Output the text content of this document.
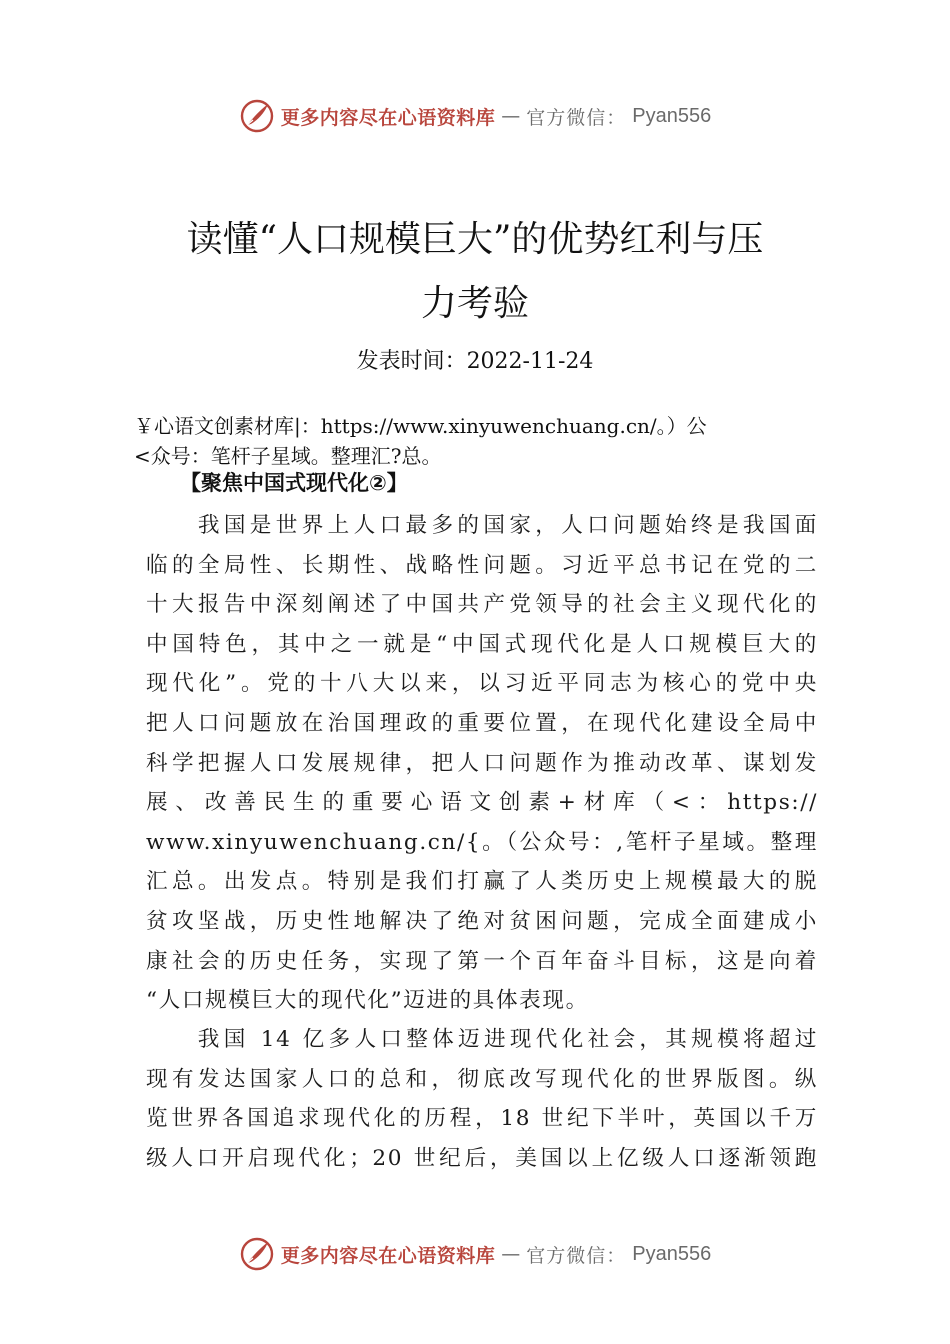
更多内容尽在心语资料库 — 官方微信： Pyan556
读懂“人口规模巨大”的优势红利与压
力考验
发表时间：2022-11-24
￥心语文创素材库|：https://www.xinyuwenchuang.cn/。）公
<众号：笔杆子星域。整理汇?总。
【聚焦中国式现代化②】
　　我国是世界上人口最多的国家，人口问题始终是我国面
临的全局性、长期性、战略性问题。习近平总书记在党的二
十大报告中深刻阐述了中国共产党领导的社会主义现代化的
中国特色，其中之一就是“中国式现代化是人口规模巨大的
现代化”。党的十八大以来，以习近平同志为核心的党中央
把人口问题放在治国理政的重要位置，在现代化建设全局中
科学把握人口发展规律，把人口问题作为推动改革、谋划发
展、改善民生的重要心语文创素+材库（<：https://
www.xinyuwenchuang.cn/{。（公众号：,笔杆子星域。整理
汇总。出发点。特别是我们打赢了人类历史上规模最大的脱
贫攻坚战，历史性地解决了绝对贫困问题，完成全面建成小
康社会的历史任务，实现了第一个百年奋斗目标，这是向着
“人口规模巨大的现代化”迈进的具体表现。
　　我国 14 亿多人口整体迈进现代化社会，其规模将超过
现有发达国家人口的总和，彻底改写现代化的世界版图。纵
览世界各国追求现代化的历程，18 世纪下半叶，英国以千万
级人口开启现代化；20 世纪后，美国以上亿级人口逐渐领跑
更多内容尽在心语资料库 — 官方微信： Pyan556
